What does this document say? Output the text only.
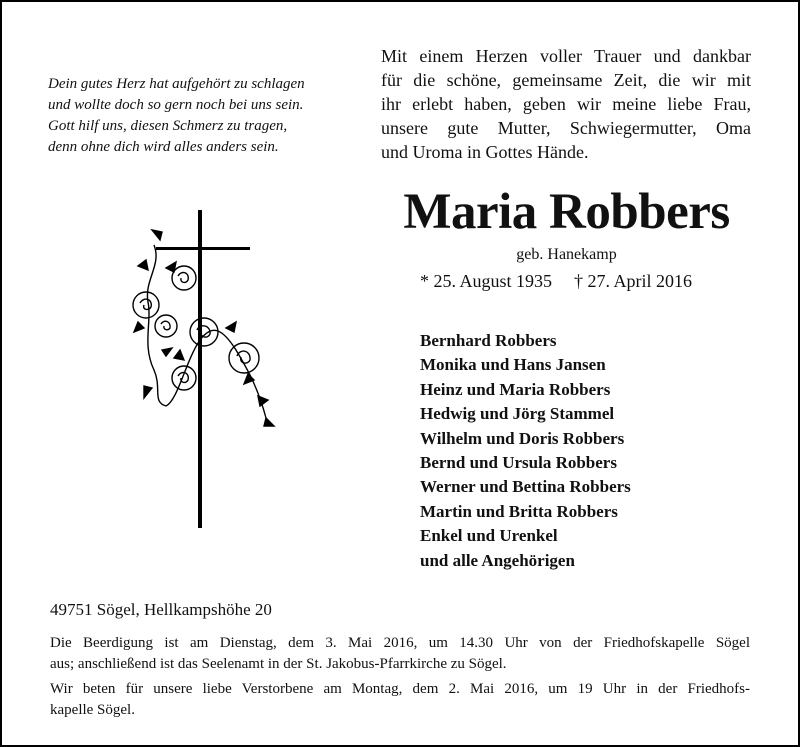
Dein gutes Herz hat aufgehört zu schlagen
und wollte doch so gern noch bei uns sein.
Gott hilf uns, diesen Schmerz zu tragen,
denn ohne dich wird alles anders sein.
Mit einem Herzen voller Trauer und dankbar
für die schöne, gemeinsame Zeit, die wir mit
ihr erlebt haben, geben wir meine liebe Frau,
unsere gute Mutter, Schwiegermutter, Oma
und Uroma in Gottes Hände.
Maria Robbers
geb. Hanekamp
* 25. August 1935 † 27. April 2016
Bernhard Robbers
Monika und Hans Jansen
Heinz und Maria Robbers
Hedwig und Jörg Stammel
Wilhelm und Doris Robbers
Bernd und Ursula Robbers
Werner und Bettina Robbers
Martin und Britta Robbers
Enkel und Urenkel
und alle Angehörigen
49751 Sögel, Hellkampshöhe 20
Die Beerdigung ist am Dienstag, dem 3. Mai 2016, um 14.30 Uhr von der Friedhofskapelle Sögel
aus; anschließend ist das Seelenamt in der St. Jakobus-Pfarrkirche zu Sögel.
Wir beten für unsere liebe Verstorbene am Montag, dem 2. Mai 2016, um 19 Uhr in der Friedhofs-
kapelle Sögel.
